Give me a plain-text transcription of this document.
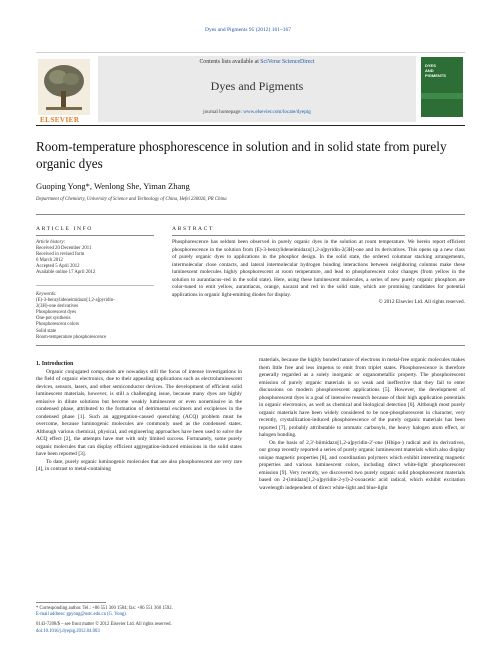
Dyes and Pigments 95 (2012) 161–167
ELSEVIER
Contents lists available at SciVerse ScienceDirect
Dyes and Pigments
journal homepage: www.elsevier.com/locate/dyepig
DYES
AND
PIGMENTS
Room-temperature phosphorescence in solution and in solid state from purely organic dyes
Guoping Yong*, Wenlong She, Yiman Zhang
Department of Chemistry, University of Science and Technology of China, Hefei 230026, PR China
ARTICLE INFO	ABSTRACT
Article history:
Received 20 December 2011
Received in revised form
6 March 2012
Accepted 5 April 2012
Available online 17 April 2012
Keywords:
(E)-3-benzylideneimidazo[1,2-a]pyridin-
2(3H)-one derivatives
Phosphorescent dyes
One-pot synthesis
Phosphorescent colors
Solid state
Room-temperature phosphorescence
Phosphorescence has seldom been observed in purely organic dyes in the solution at room temperature. We herein report efficient phosphorescence in the solution from (E)-3-benzylideneimidazo[1,2-a]pyridin-2(3H)-one and its derivatives. This opens up a new class of purely organic dyes to applications in the phosphor design. In the solid state, the ordered columnar stacking arrangements, intermolecular close contacts, and lateral intermolecular hydrogen bonding interactions between neighboring columns make these luminescent molecules highly phosphorescent at room temperature, and lead to phosphorescent color changes (from yellow in the solution to aurantiacus–red in the solid state). Here, using these luminescent molecules, a series of new purely organic phosphors are color-tuned to emit yellow, aurantiacus, orange, nacarat and red in the solid state, which are promising candidates for potential applications in organic light-emitting diodes for display.
© 2012 Elsevier Ltd. All rights reserved.

1. Introduction

Organic conjugated compounds are nowadays still the focus of intense investigations in the field of organic electronics, due to their appealing applications such as electroluminescent devices, sensors, lasers, and other semiconductor devices. The development of efficient solid luminescent materials, however, is still a challenging issue, because many dyes are highly emissive in dilute solutions but become weakly luminescent or even nonemissive in the condensed phase, attributed to the formation of detrimental excimers and exciplexes in the condensed phase [1]. Such an aggregation-caused quenching (ACQ) problem must be overcome, because luminogenic molecules are commonly used as the condensed states. Although various chemical, physical, and engineering approaches have been used to solve the ACQ effect [2], the attempts have met with only limited success. Fortunately, some purely organic molecules that can display efficient aggregation-induced emissions in the solid states have been reported [3].

To date, purely organic luminogenic molecules that are also phosphorescent are very rare [4], in contrast to metal-containing

materials, because the highly bonded nature of electrons in metal-free organic molecules makes them little free and less impetus to emit from triplet states. Phosphorescence is therefore generally regarded as a solely inorganic or organometallic property. The phosphorescent emission of purely organic materials is so weak and ineffective that they fail to enter discussions on modern phosphorescent applications [5]. However, the development of phosphorescent dyes is a goal of intensive research because of their high application potentials in organic electronics, as well as chemical and biological detection [6]. Although most purely organic materials have been widely considered to be non-phosphorescent in character, very recently, crystallization-induced phosphorescence of the purely organic materials has been reported [7], probably attributable to aromatic carbonyls, the heavy halogen atom effect, or halogen bonding.

On the basis of 2,3′-biimidazo[1,2-a]pyridin-2′-one (Hbipo·) radical and its derivatives, our group recently reported a series of purely organic luminescent materials which also display unique magnetic properties [8], and coordination polymers which exhibit interesting magnetic properties and various luminescent colors, including direct white-light phosphorescent emission [9]. Very recently, we discovered two purely organic solid phosphorescent materials based on 2-(imidazo[1,2-a]pyridin-2-yl)-2-oxoacetic acid radical, which exhibit excitation wavelength independent of direct white-light and blue-light

* Corresponding author. Tel.: +86 551 360 1584; fax: +86 551 360 1592.
E-mail address: gpyong@ustc.edu.cn (G. Yong).
0143-7208/$ – see front matter © 2012 Elsevier Ltd. All rights reserved.
doi:10.1016/j.dyepig.2012.04.003
